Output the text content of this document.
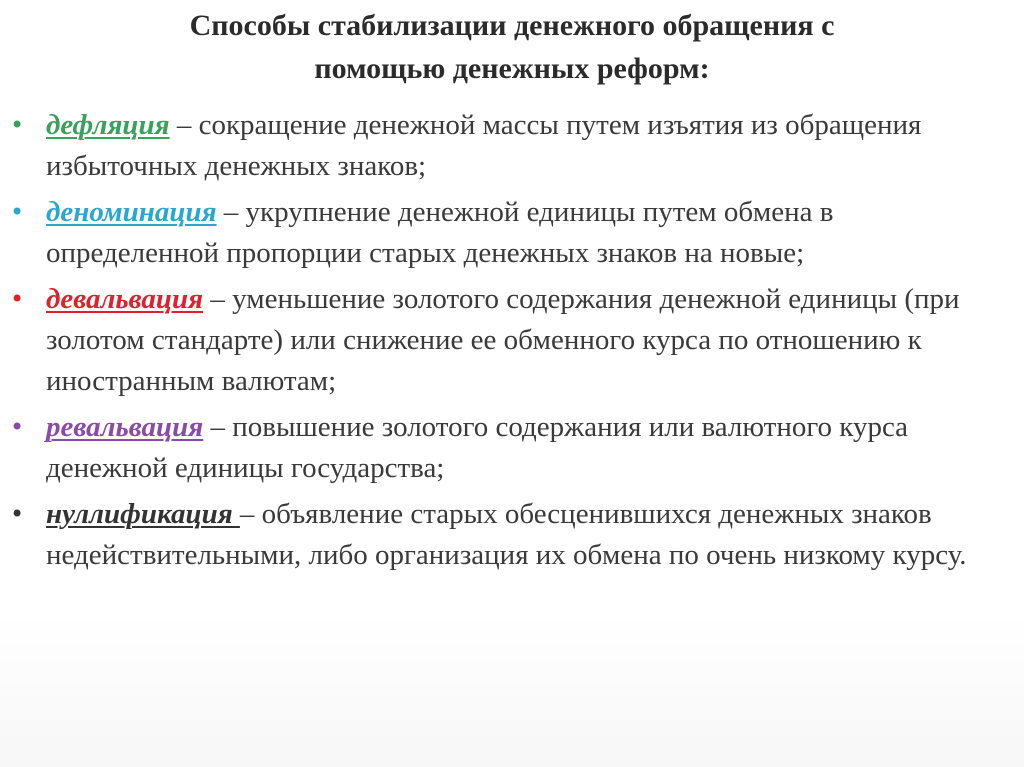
Способы стабилизации денежного обращения с
помощью денежных реформ:
• дефляция – сокращение денежной массы путем изъятия из обращения избыточных денежных знаков;
• деноминация – укрупнение денежной единицы путем обмена в определенной пропорции старых денежных знаков на новые;
• девальвация – уменьшение золотого содержания денежной единицы (при золотом стандарте) или снижение ее обменного курса по отношению к иностранным валютам;
• ревальвация – повышение золотого содержания или валютного курса денежной единицы государства;
• нуллификация – объявление старых обесценившихся денежных знаков недействительными, либо организация их обмена по очень низкому курсу.
